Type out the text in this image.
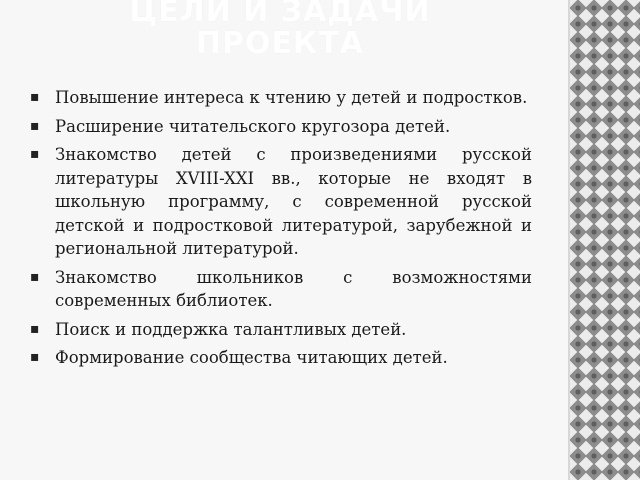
ЦЕЛИ И ЗАДАЧИ
ПРОЕКТА
▪ Повышение интереса к чтению у детей и подростков.
▪ Расширение читательского кругозора детей.
▪ Знакомство детей с произведениями русской литературы XVIII-XXI вв., которые не входят в школьную программу, с современной русской детской и подростковой литературой, зарубежной и региональной литературой.
▪ Знакомство школьников с возможностями современных библиотек.
▪ Поиск и поддержка талантливых детей.
▪ Формирование сообщества читающих детей.
